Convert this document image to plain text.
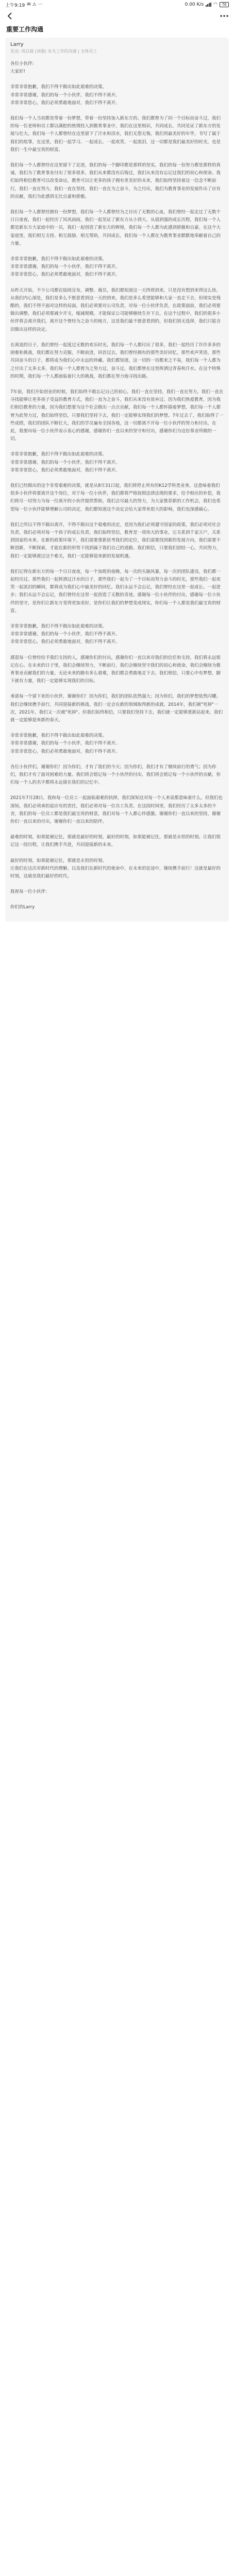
上午9:19 ✉ ⚠ ···	0.00 K/s ◠	76
重要工作沟通
Larry
发送: 周总裁 (刘强) 有关工作的沟通 | 全体员工

各位小伙伴:
大家好!

非常非常抱歉，我们不得不做出如此艰难的决策。
非常非常感谢，我们的每一个小伙伴，我们不得不离开。
非常非常您心，我们必须勇敢地面对，我们不得不离开。

我们每一个人当初都是带着一份梦想，带着一份坚持加入新东方的。我们都曾为了同一个目标而奋斗过，我们的每一位老师和员工都以满腔的热情投入到教育事业中，我们在这里相识，共同成长，共同见证了新东方的发展与壮大。我们每一个人都曾经在这里留下了汗水和泪水，我们无怨无悔，我们用最美好的年华，书写了属于我们的故事，在这里，我们一起学习、一起成长、一起欢笑、一起流泪，这一切都是我们最美好的时光，也是我们一生中最宝贵的财富。

我们每一个人都曾经在这里留下了足迹，我们的每一个脚印都是那样的坚实，我们的每一份努力都是那样的真诚，我们为了教育事业付出了很多很多，我们从来都没有后悔过，我们从来没有忘记过我们的初心和使命。我们始终相信教育可以改变命运，教育可以让更多的孩子拥有更美好的未来，我们始终坚持着这一信念不断前行，我们一直在努力，我们一直在坚持，我们一直在为之奋斗，为之付出，我们为教育事业的发展作出了应有的贡献，我们为此感到无比自豪和骄傲。

我们每一个人都曾经拥有一份梦想，我们每一个人都曾经为之付出了无数的心血，我们曾经一起走过了无数个日日夜夜，我们一起经历了风风雨雨，我们一起见证了新东方从小到大、从弱到强的成长历程，我们每一个人都是新东方大家庭中的一员，我们一起创造了新东方的辉煌，我们每一个人都为此感到骄傲和自豪。在这个大家庭里，我们相互支持、相互鼓励、相互帮助，共同成长，我们每一个人都在为教育事业默默地奉献着自己的力量。

非常非常抱歉，我们不得不做出如此艰难的决策。
非常非常感谢，我们的每一个小伙伴，我们不得不离开。
非常非常您心，我们必须勇敢地面对，我们不得不离开。

从昨天开始，不少公司都在陆续宣布，调整、裁员，我们都知道这一天终将到来，只是没有想到来得这么快。从我们内心深处，我们是多么不愿意看到这一天的到来，我们是多么希望能够和大家一直走下去，但现实是残酷的，我们不得不面对这样的局面。我们必须要对公司负责，对每一位小伙伴负责，在政策面前，我们必须要做出调整，我们必须要减少开支，缩减规模，才能保证公司能够继续生存下去。在这个过程中，我们的很多小伙伴将会离开我们，离开这个曾经为之奋斗的地方，这是我们最不愿意看到的，但我们别无选择，我们只能含泪做出这样的决定。

在离退的日子，我们曾经一起度过无数的欢乐时光，我们每一个人都付出了很多，我们一起经历了许许多多的困难和挑战，我们都在努力克服，不断前进，回首过去，我们曾经拥有的那些美好回忆，那些欢声笑语，那些共同奋斗的日子，都将成为我们心中永远的珍藏。我们都知道，这一切的一切都来之不易，我们每一个人都为之付出了太多太多，我们每一个人都曾为之努力过，奋斗过，我们都曾在这里挥洒过青春和汗水。在这个特殊的时期，我们每一个人都面临着巨大的挑战，我们都在努力地寻找出路。

7年前，我们开始创业的时候，我们始终不敢忘记自己的初心，我们一直在坚持，我们一直在努力，我们一直在寻找能够让更多孩子受益的教育方式，我们一直为之奋斗，我们从来没有放弃过。因为我们热爱教育，因为我们相信教育的力量，因为我们想要为这个社会做出一点点贡献，我们每一个人都怀揣着梦想，我们每一个人都曾为此努力过，我们始终坚信，只要我们坚持下去，我们一定能够实现我们的梦想。7年过去了，我们取得了一些成绩，我们的团队不断壮大，我们的学员遍布全国各地，这一切都离不开每一位小伙伴的努力和付出，在此，我要向每一位小伙伴表示衷心的感谢，感谢你们一直以来的坚守和付出，感谢你们为这份事业所做的一切。

非常非常抱歉，我们不得不做出如此艰难的决策。
非常非常感谢，我们的每一个小伙伴，我们不得不离开。
非常非常您心，我们必须勇敢地面对，我们不得不离开。

我们已经做出的这个非常艰难的决策，就是从8月31日起，我们将停止所有的K12学科类业务，这意味着我们很多小伙伴将要离开这个岗位，对于每一位小伙伴，我们都将严格按照法律法规的要求，给予相应的补偿，我们将尽一切努力为每一位离开的小伙伴提供帮助，我们会尽最大的努力，为大家推荐新的工作机会，我们也希望每一位小伙伴能够理解公司的决定，我们都知道这个决定会给大家带来很大的影响，我们也深感痛心。

我们之所以不得不做出离开，不得不做出这个艰难的决定，是因为我们必须遵守国家的政策，我们必须对社会负责，我们必须对每一个孩子的成长负责。我们始终坚信，教育是一项伟大的事业，它关系到千家万户，关系到国家的未来。在新的政策环境下，我们需要重新思考我们的定位，我们需要找到新的发展方向，我们需要不断创新，不断探索，才能在新的形势下找到属于我们自己的道路。我们相信，只要我们团结一心，共同努力，我们一定能够渡过这个难关，我们一定能够迎来新的发展机遇。

我们记得在新东方的每一个日日夜夜，每一个加班的夜晚，每一次的头脑风暴，每一次的团队建设，我们都一起经历过。那些我们一起挥洒过汗水的日子，那些我们一起为了一个目标而努力奋斗的时光，那些我们一起欢笑一起流泪的瞬间，都将成为我们心中最美好的回忆。我们永远不会忘记，我们曾经在这里一起成长、一起进步；我们永远不会忘记，我们曾经在这里一起创造了无数的奇迹。感谢每一位小伙伴的付出，感谢每一位小伙伴的坚守，是你们让新东方变得更加美好，是你们让我们的梦想变成现实，你们每一个人都是我们最宝贵的财富。

非常非常抱歉，我们不得不做出如此艰难的决策。
非常非常感谢，我们的每一个小伙伴，我们不得不离开。
非常非常您心，我们必须勇敢地面对，我们不得不离开。

感恩每一位曾经给予我们支持的人，感谢你们的付出，感谢你们一直以来对我们的信任和支持，我们将永远铭记在心。在未来的日子里，我们会继续努力，不断前行，我们会继续坚守我们的初心和使命，我们会继续为教育事业贡献我们的力量。无论未来的路有多么艰难，我们都会勇敢地走下去。我们相信，只要心中有梦想，脚下就有力量，我们一定能够实现我们的目标。

承诺每一个留下来的小伙伴，谢谢你们！因为你们，我们的团队依然强大；因为你们，我们的梦想依然闪耀。我们会继续携手前行，共同迎接新的挑战，我们一定会在新的领域取得新的成就。2014年，我们被"死掉"一次，2021年，我们又一次被"死掉"。但我们始终相信，只要我们坚持下去，我们就一定能够重新站起来，我们就一定能够迎来新的春天。

非常非常抱歉，我们不得不做出如此艰难的决策。
非常非常感谢，我们的每一个小伙伴，我们不得不离开。
非常非常您心，我们必须勇敢地面对，我们不得不离开。

各位小伙伴们，谢谢你们！因为你们，才有了我们的今天；因为你们，我们才有了继续前行的勇气；因为你们，我们才有了面对困难的力量。我们将会铭记每一个小伙伴的付出，我们将会铭记每一个小伙伴的贡献，你们每一个人的名字都将永远留在我们的记忆中。

2021年7月28日，我和每一位员工一起面临艰难的抉择，我们深知这对每一个人来说都意味着什么。但我们也深知，我们必须承担起应有的责任，我们必须对每一位员工负责。在这段时间里，我们经历了太多太多的不舍，我们的每一位员工都是我们最宝贵的财富，我们对每一个人都心怀感激。谢谢你们一直以来的坚持，谢谢你们一直以来的付出，谢谢你们一直以来的陪伴。

最难的时刻，如果能被记住，那就是最好的时刻，最好的时刻，如果能被记住，那就是永恒的时刻。让我们铭记这一段历程，让我们携手共进，共同迎接新的未来。

最好的时刻，如果能被记住，那就是永恒的时刻。
让我们在这次对新时代的理解，以及我们在新时代的使命中，在未来的征途中，继续携手前行！这就是最好的时刻，这就是我们最好的时代。

我祝每一位小伙伴：

你们的Larry
